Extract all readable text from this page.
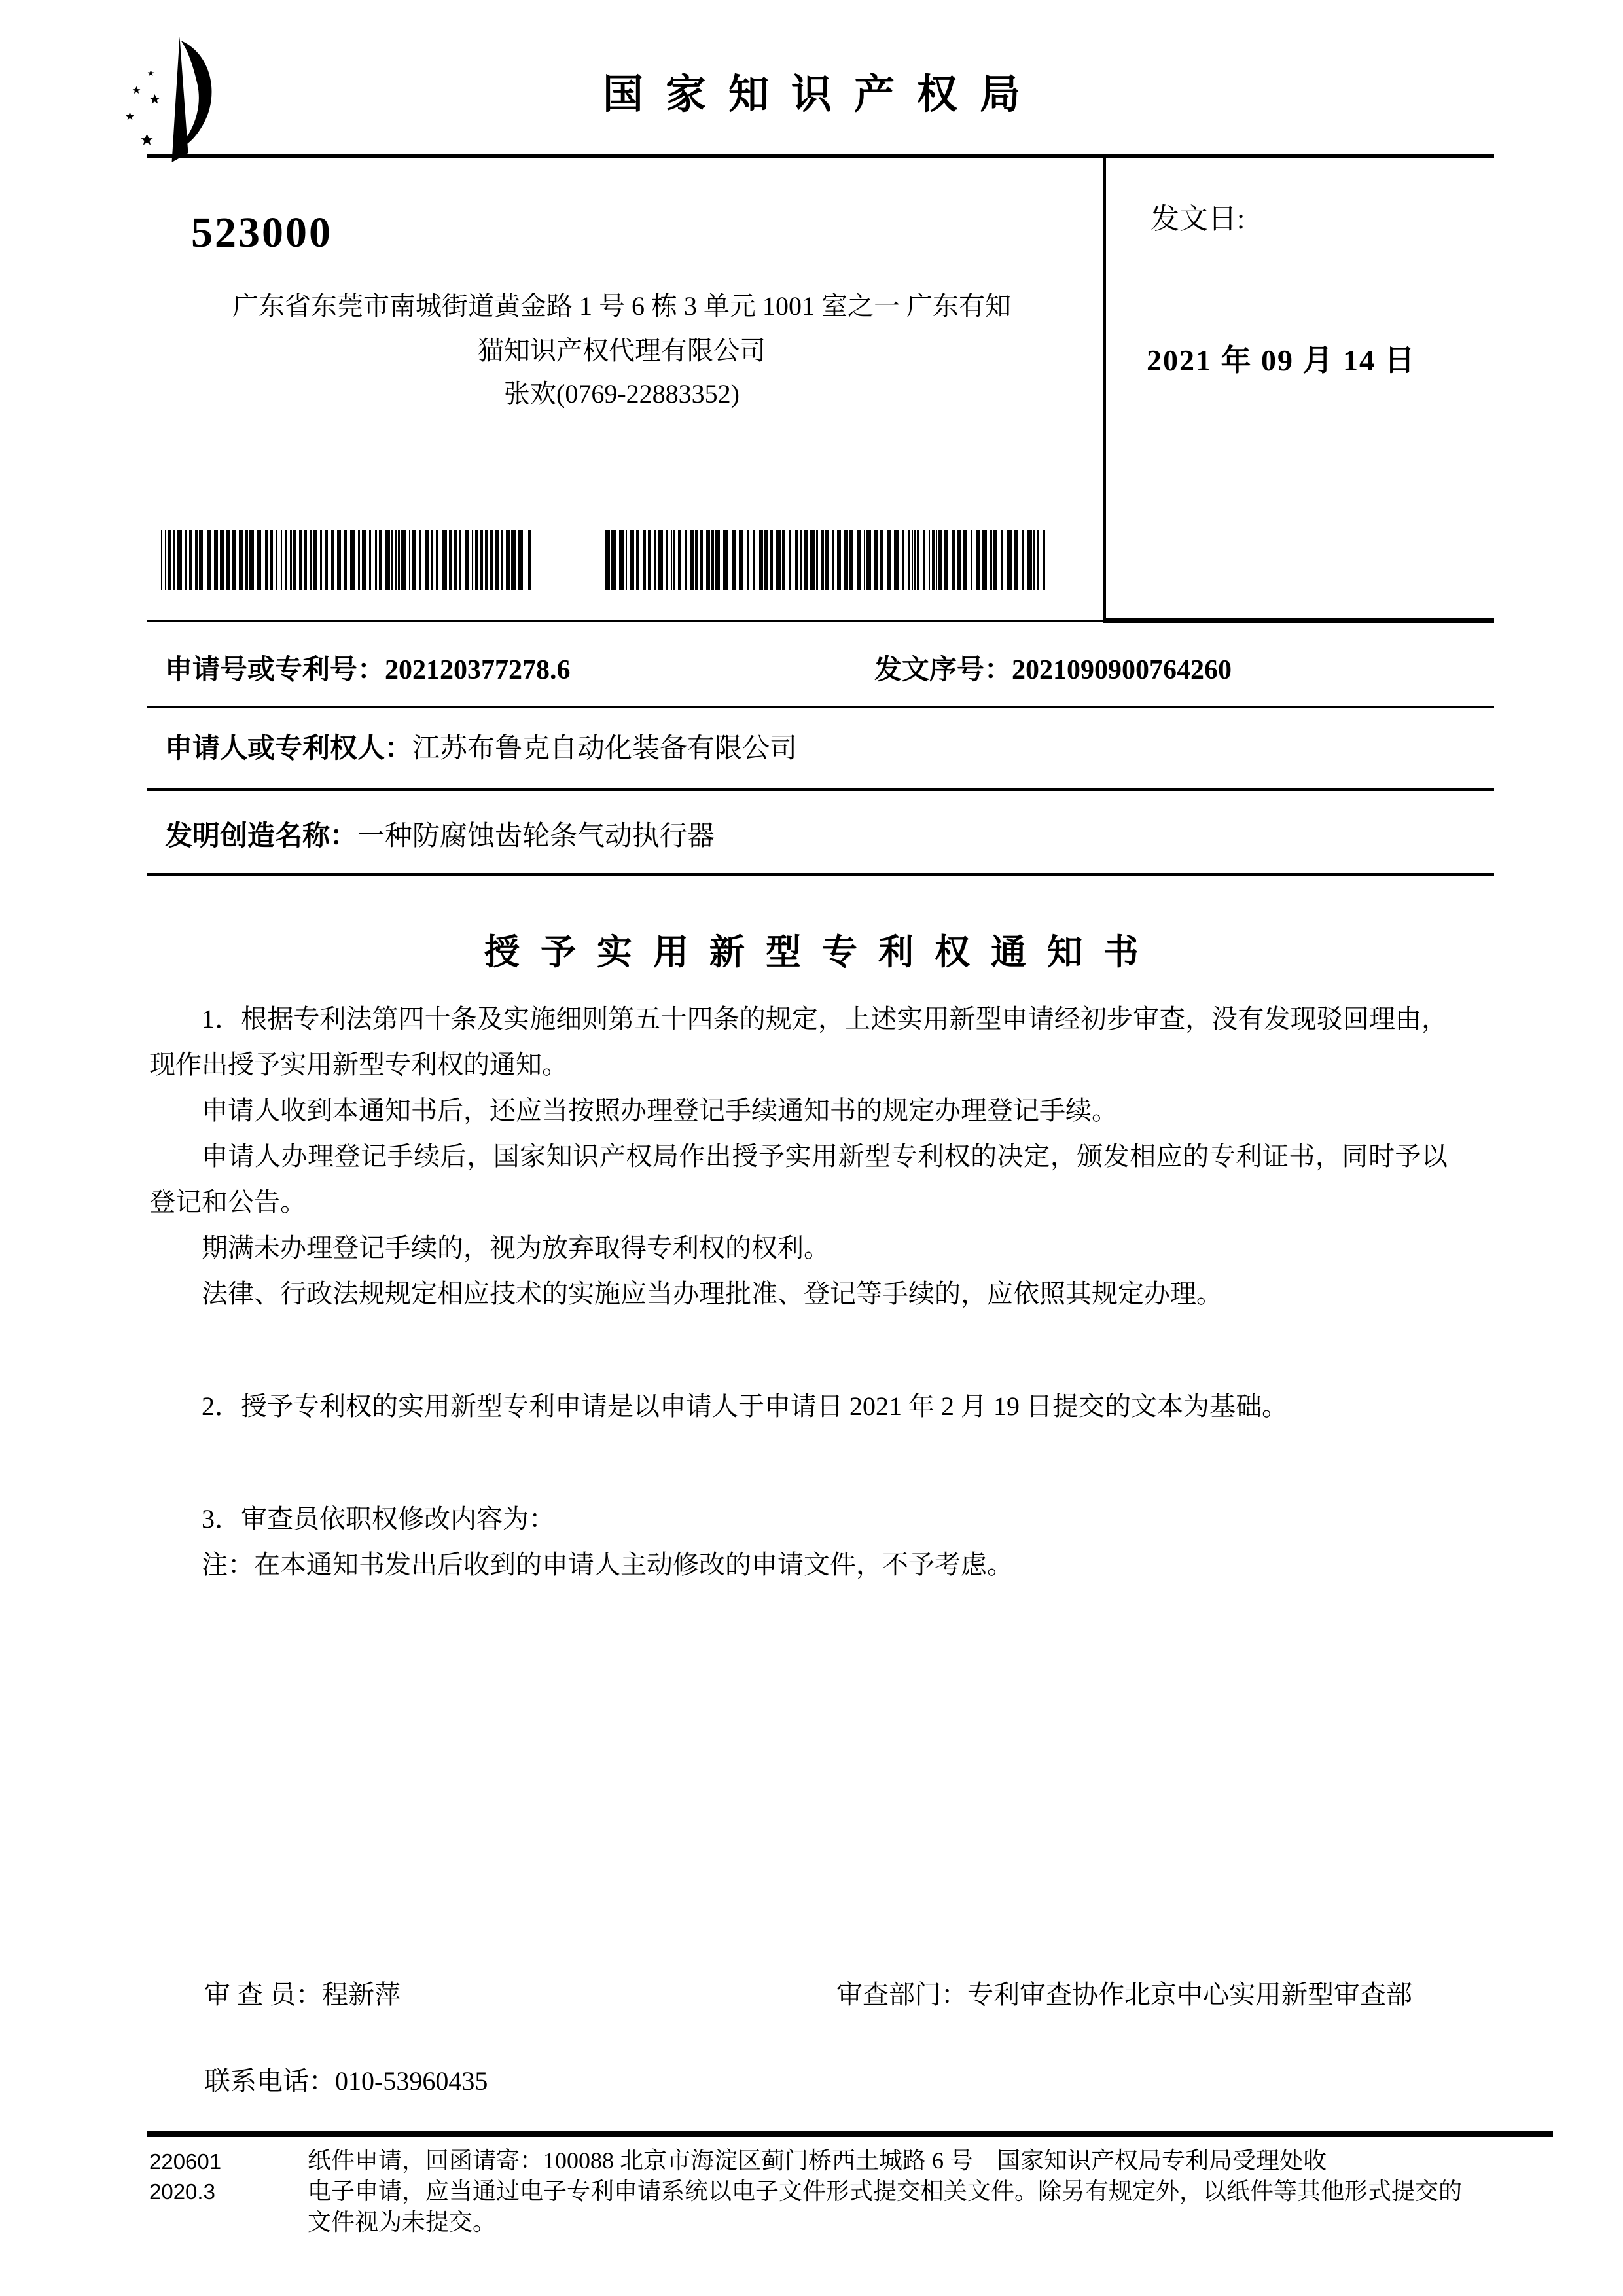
国家知识产权局
523000
广东省东莞市南城街道黄金路 1 号 6 栋 3 单元 1001 室之一 广东有知
猫知识产权代理有限公司
张欢(0769-22883352)
发文日:
2021 年 09 月 14 日
申请号或专利号：202120377278.6	发文序号：2021090900764260
申请人或专利权人：江苏布鲁克自动化装备有限公司
发明创造名称：一种防腐蚀齿轮条气动执行器
授予实用新型专利权通知书

1．根据专利法第四十条及实施细则第五十四条的规定，上述实用新型申请经初步审查，没有发现驳回理由，现作出授予实用新型专利权的通知。

申请人收到本通知书后，还应当按照办理登记手续通知书的规定办理登记手续。

申请人办理登记手续后，国家知识产权局作出授予实用新型专利权的决定，颁发相应的专利证书，同时予以登记和公告。

期满未办理登记手续的，视为放弃取得专利权的权利。

法律、行政法规规定相应技术的实施应当办理批准、登记等手续的，应依照其规定办理。

2．授予专利权的实用新型专利申请是以申请人于申请日 2021 年 2 月 19 日提交的文本为基础。

3．审查员依职权修改内容为：

注：在本通知书发出后收到的申请人主动修改的申请文件，不予考虑。

审 查 员：程新萍	审查部门：专利审查协作北京中心实用新型审查部
联系电话：010-53960435
220601
2020.3
纸件申请，回函请寄：100088 北京市海淀区蓟门桥西土城路 6 号　国家知识产权局专利局受理处收
电子申请，应当通过电子专利申请系统以电子文件形式提交相关文件。除另有规定外，以纸件等其他形式提交的
文件视为未提交。
